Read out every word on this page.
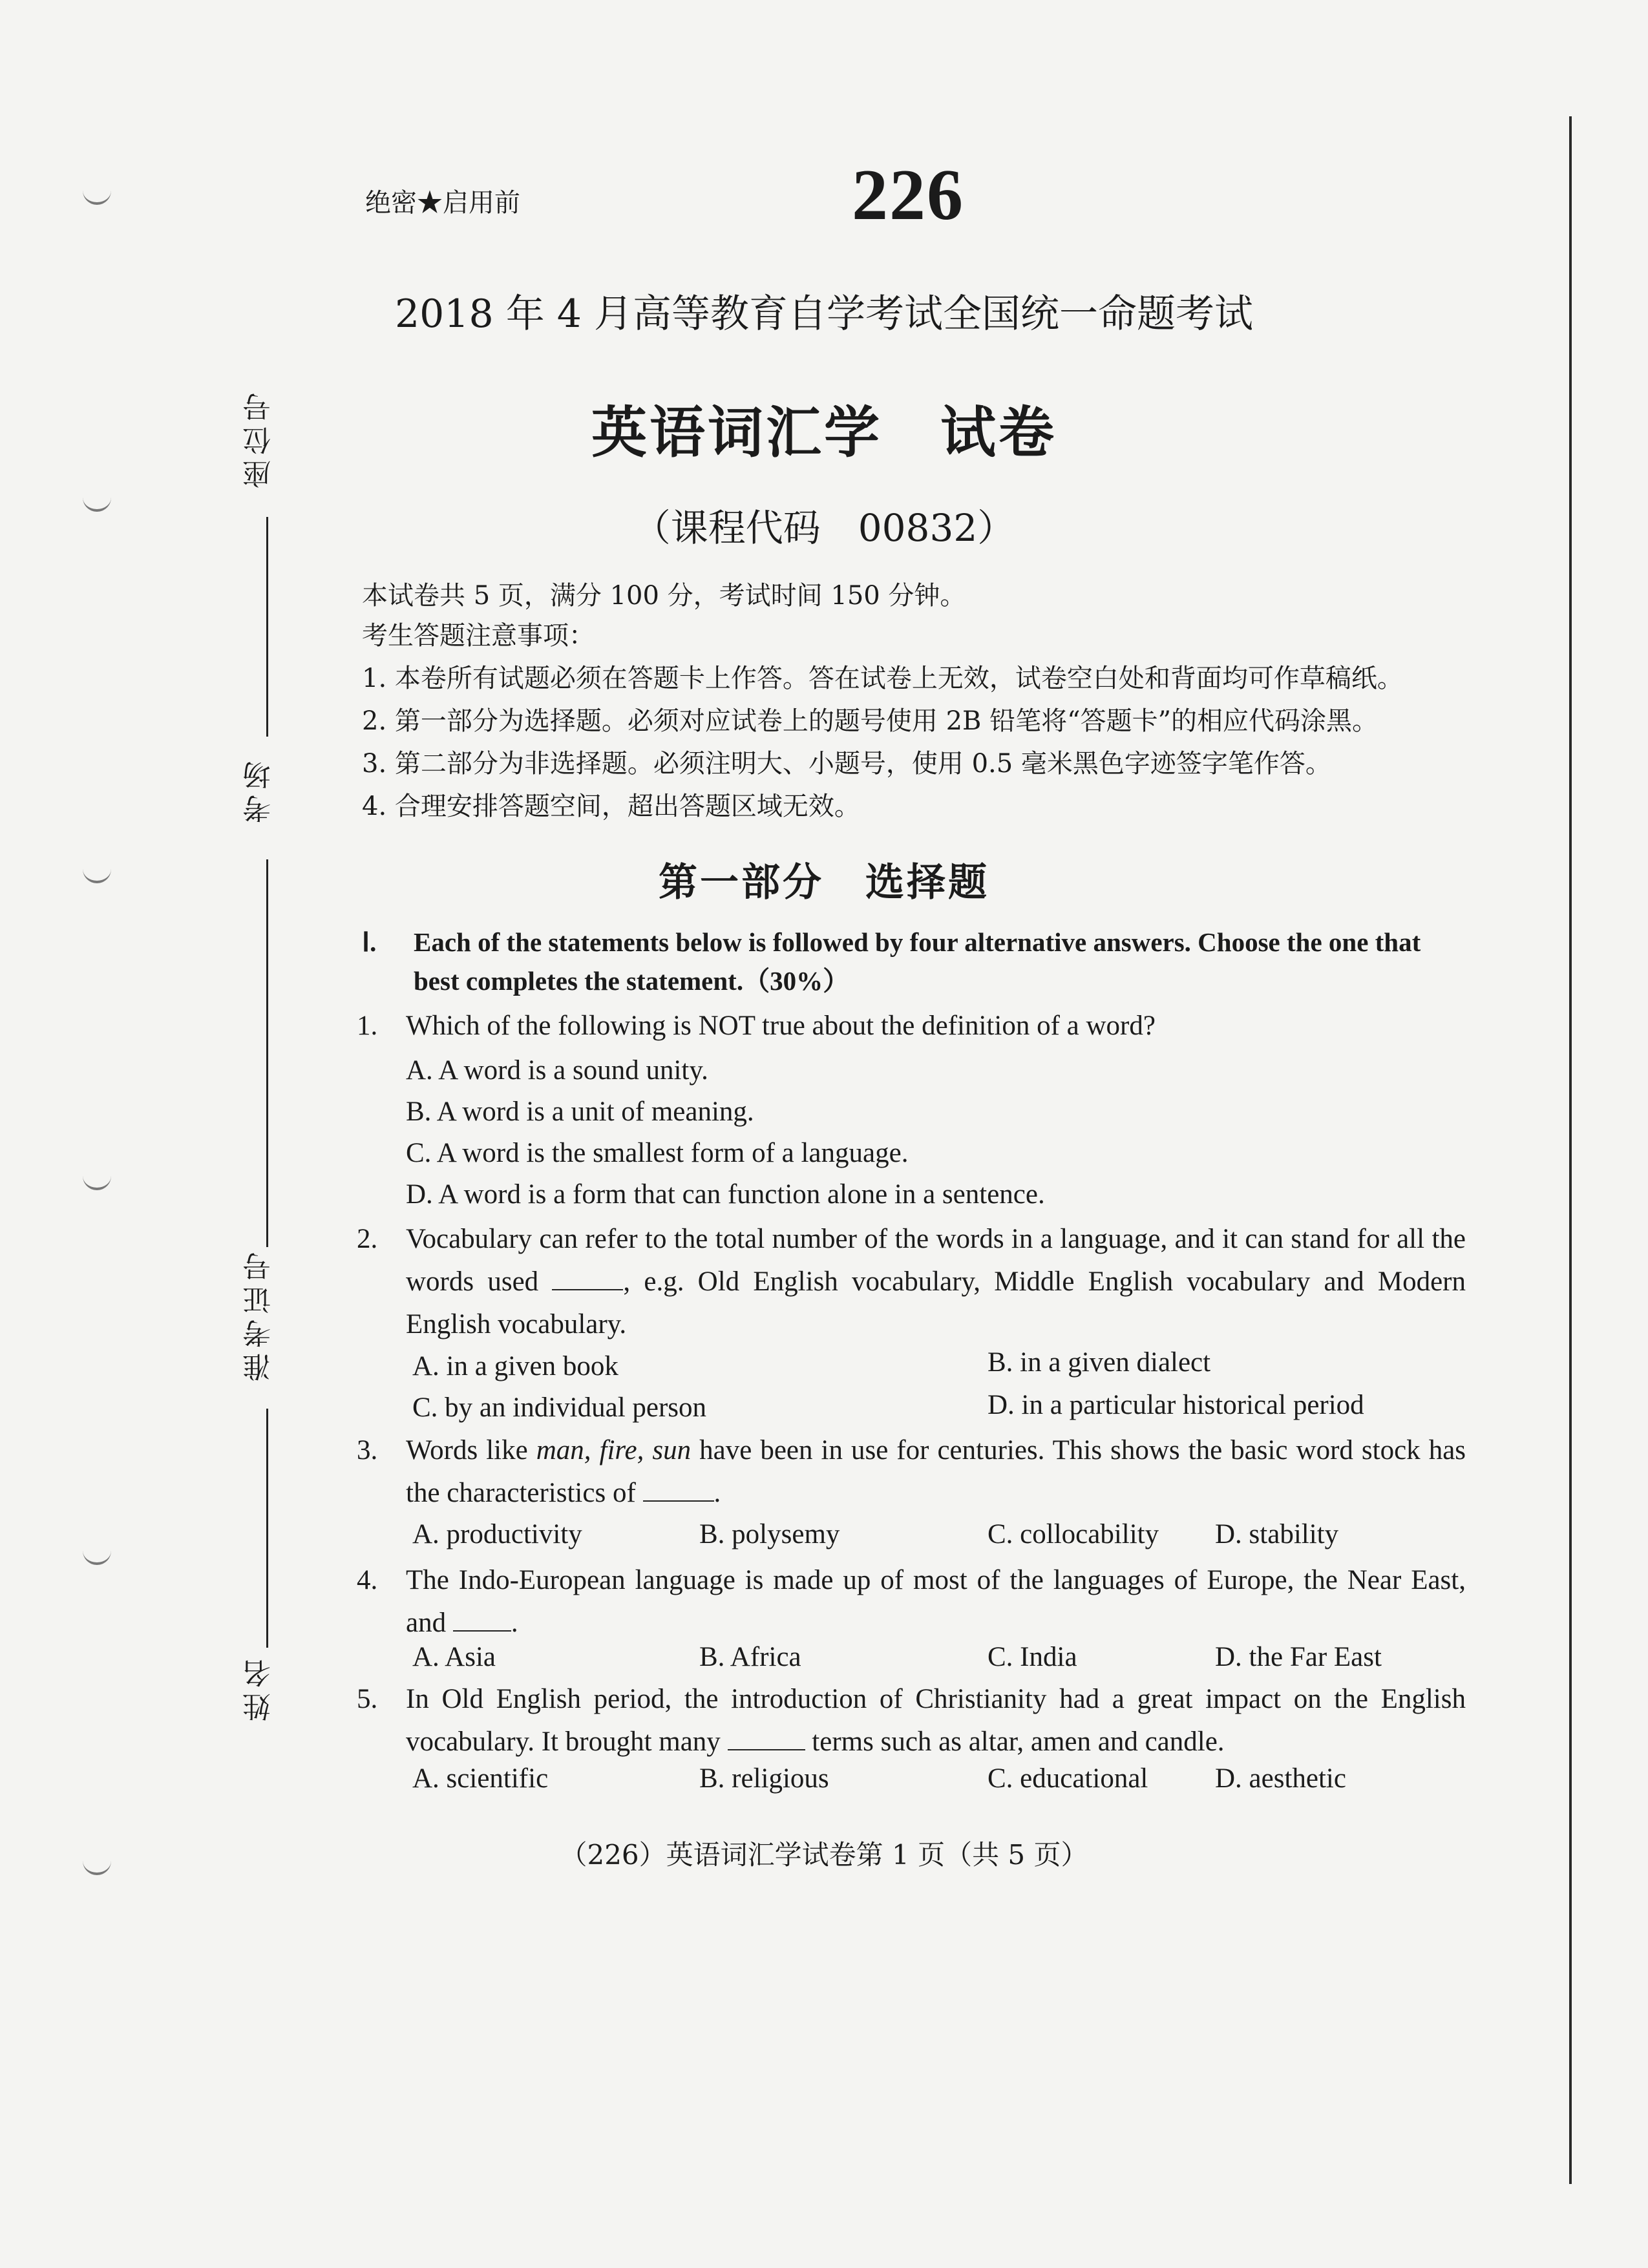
座位号
考场
准考证号
姓名
绝密★启用前	226
2018 年 4 月高等教育自学考试全国统一命题考试
英语词汇学　试卷
（课程代码　00832）
本试卷共 5 页，满分 100 分，考试时间 150 分钟。
考生答题注意事项：
1. 本卷所有试题必须在答题卡上作答。答在试卷上无效，试卷空白处和背面均可作草稿纸。
2. 第一部分为选择题。必须对应试卷上的题号使用 2B 铅笔将“答题卡”的相应代码涂黑。
3. 第二部分为非选择题。必须注明大、小题号，使用 0.5 毫米黑色字迹签字笔作答。
4. 合理安排答题空间，超出答题区域无效。
第一部分　选择题
Ⅰ.	Each of the statements below is followed by four alternative answers. Choose the one that best completes the statement.（30%）
1. Which of the following is NOT true about the definition of a word?
A. A word is a sound unity.
B. A word is a unit of meaning.
C. A word is the smallest form of a language.
D. A word is a form that can function alone in a sentence.
2. Vocabulary can refer to the total number of the words in a language, and it can stand for all the words used	, e.g. Old English vocabulary, Middle English vocabulary and Modern English vocabulary.
A. in a given book	B. in a given dialect
C. by an individual person	D. in a particular historical period
3. Words like man, fire, sun have been in use for centuries. This shows the basic word stock has the characteristics of	.
A. productivity	B. polysemy	C. collocability D. stability
4. The Indo-European language is made up of most of the languages of Europe, the Near East, and .
A. Asia	B. Africa	C. India	D. the Far East
5. In Old English period, the introduction of Christianity had a great impact on the English vocabulary. It brought many	terms such as altar, amen and candle.
A. scientific	B. religious	C. educational D. aesthetic
（226）英语词汇学试卷第 1 页（共 5 页）
